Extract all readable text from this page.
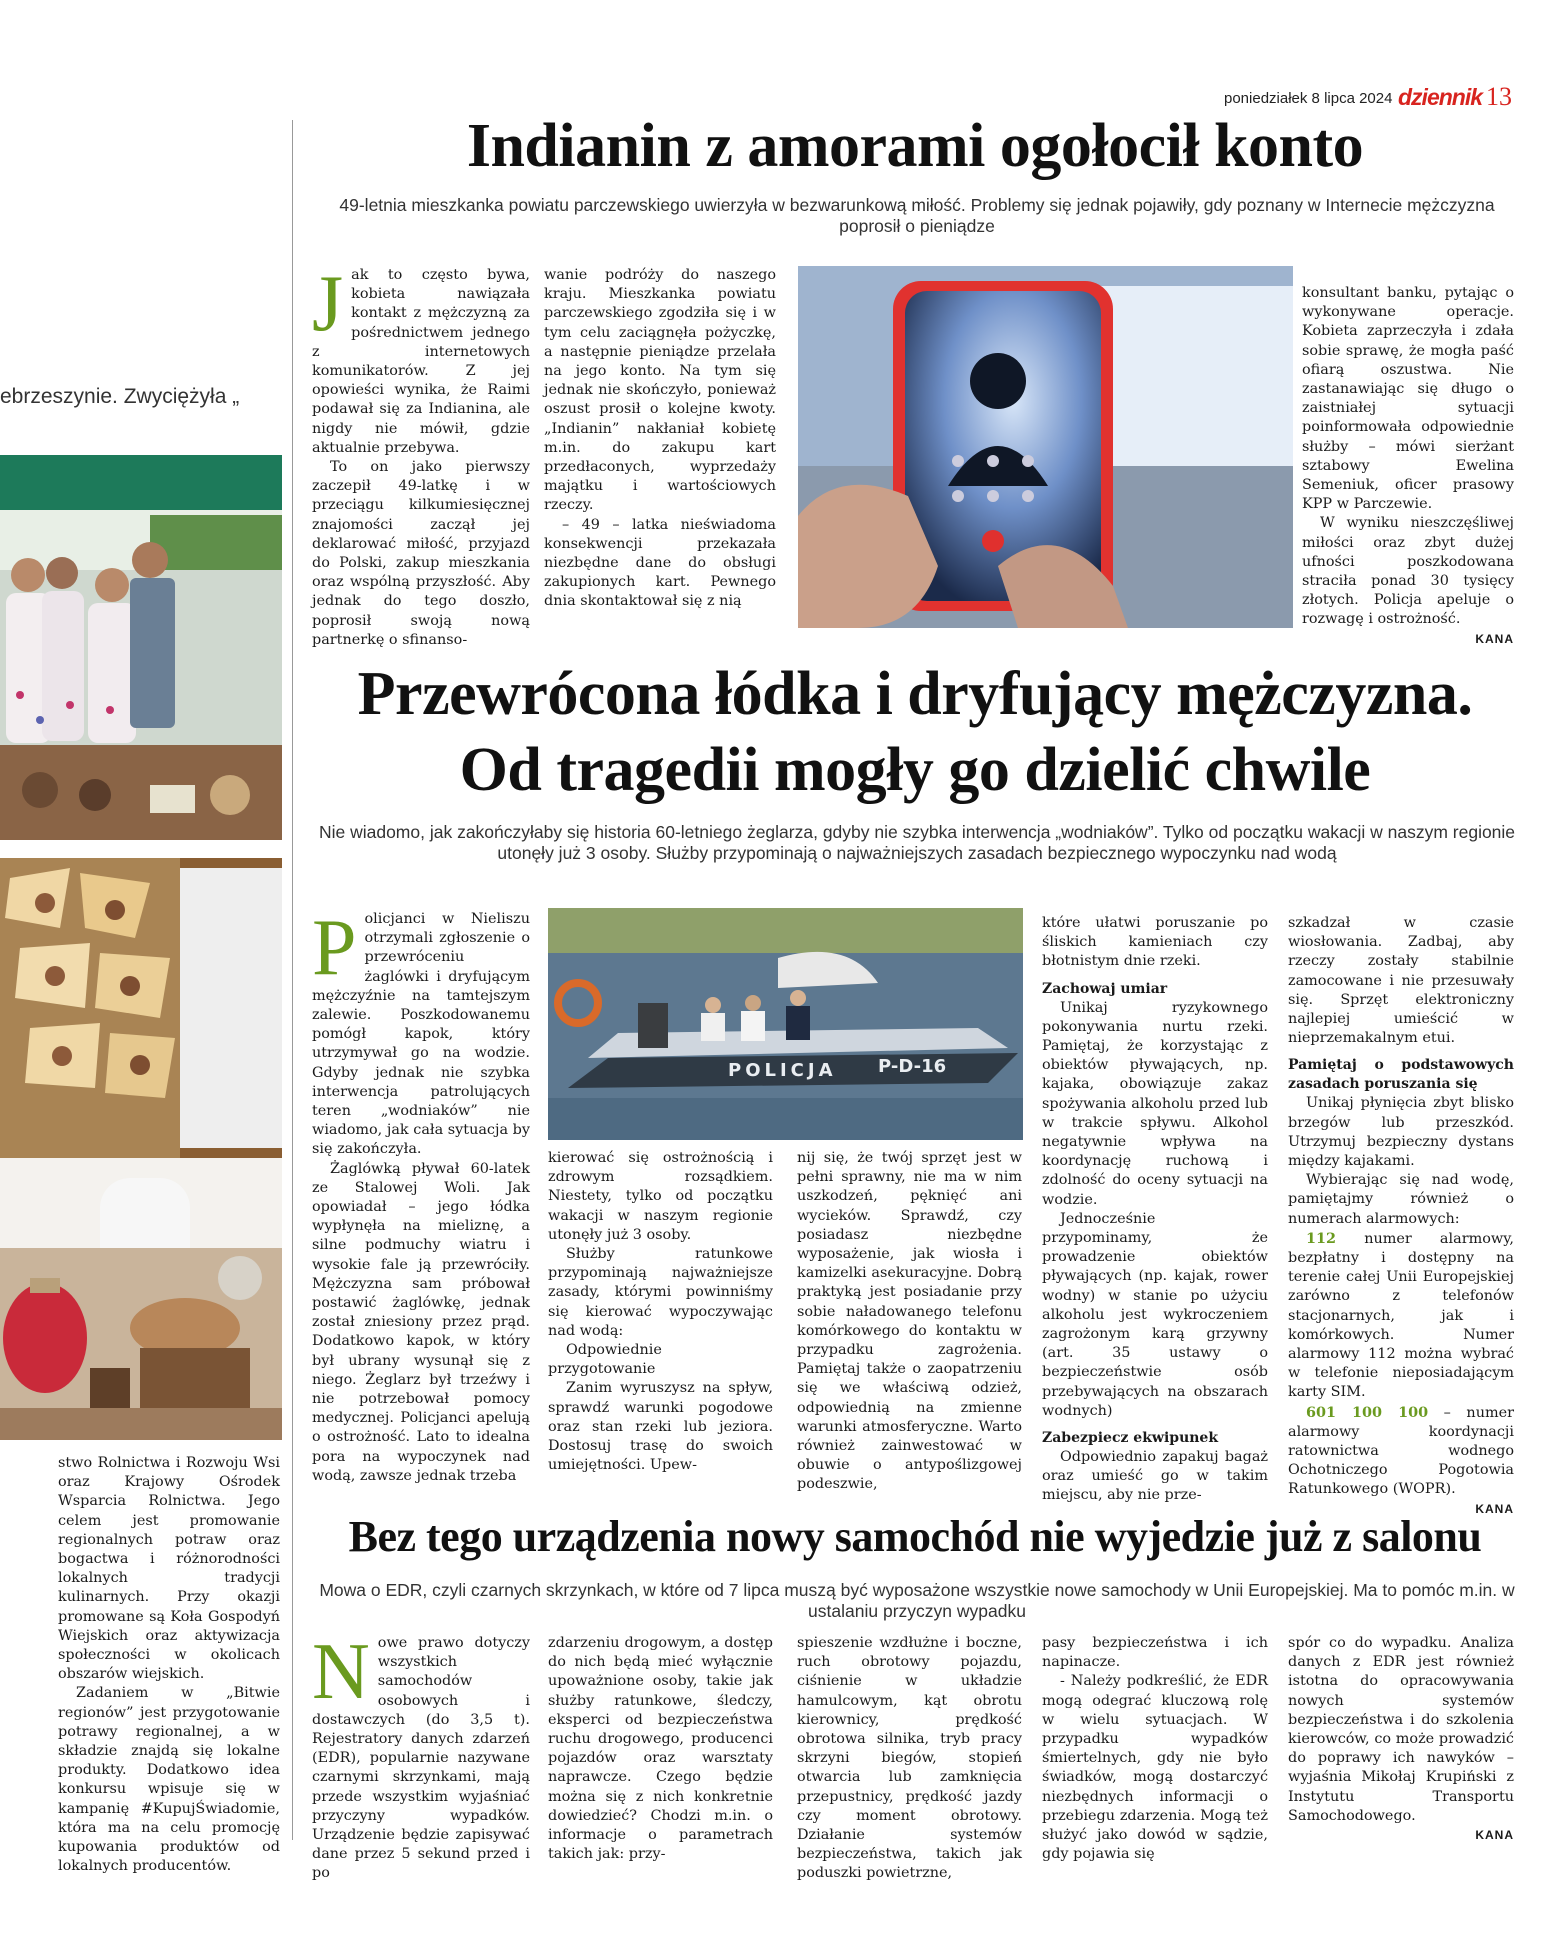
poniedziałek 8 lipca 2024 dziennik 13
ebrzeszynie. Zwyciężyła „

stwo Rolnictwa i Rozwoju Wsi oraz Krajowy Ośrodek Wsparcia Rolnictwa. Jego celem jest promowanie regionalnych potraw oraz bogactwa i różnorodności lokalnych tradycji kulinarnych. Przy okazji promowane są Koła Gospodyń Wiejskich oraz aktywizacja społeczności w okolicach obszarów wiejskich.

Zadaniem w „Bitwie regionów” jest przygotowanie potrawy regionalnej, a w składzie znajdą się lokalne produkty. Dodatkowo idea konkursu wpisuje się w kampanię #KupujŚwiadomie, która ma na celu promocję kupowania produktów od lokalnych producentów.

Indianin z amorami ogołocił konto
49-letnia mieszkanka powiatu parczewskiego uwierzyła w bezwarunkową miłość. Problemy się jednak pojawiły, gdy poznany w Internecie mężczyzna poprosił o pieniądze
J ak to często bywa, kobieta nawiązała kontakt z mężczyzną za pośrednictwem jednego z internetowych komunikatorów. Z jej opowieści wynika, że Raimi podawał się za Indianina, ale nigdy nie mówił, gdzie aktualnie przebywa.

To on jako pierwszy zaczepił 49-latkę i w przeciągu kilkumiesięcznej znajomości zaczął jej deklarować miłość, przyjazd do Polski, zakup mieszkania oraz wspólną przyszłość. Aby jednak do tego doszło, poprosił swoją nową partnerkę o sfinanso-

wanie podróży do naszego kraju. Mieszkanka powiatu parczewskiego zgodziła się i w tym celu zaciągnęła pożyczkę, a następnie pieniądze przelała na jego konto. Na tym się jednak nie skończyło, ponieważ oszust prosił o kolejne kwoty. „Indianin” nakłaniał kobietę m.in. do zakupu kart przedłaconych, wyprzedaży majątku i wartościowych rzeczy.

– 49 – latka nieświadoma konsekwencji przekazała niezbędne dane do obsługi zakupionych kart. Pewnego dnia skontaktował się z nią

konsultant banku, pytając o wykonywane operacje. Kobieta zaprzeczyła i zdała sobie sprawę, że mogła paść ofiarą oszustwa. Nie zastanawiając się długo o zaistniałej sytuacji poinformowała odpowiednie służby – mówi sierżant sztabowy Ewelina Semeniuk, oficer prasowy KPP w Parczewie.

W wyniku nieszczęśliwej miłości oraz zbyt dużej ufności poszkodowana straciła ponad 30 tysięcy złotych. Policja apeluje o rozwagę i ostrożność.

KANA

Przewrócona łódka i dryfujący mężczyzna.
Od tragedii mogły go dzielić chwile
Nie wiadomo, jak zakończyłaby się historia 60-letniego żeglarza, gdyby nie szybka interwencja „wodniaków”. Tylko od początku wakacji w naszym regionie utonęły już 3 osoby. Służby przypominają o najważniejszych zasadach bezpiecznego wypoczynku nad wodą
P olicjanci w Nieliszu otrzymali zgłoszenie o przewróceniu żaglówki i dryfującym mężczyźnie na tamtejszym zalewie. Poszkodowanemu pomógł kapok, który utrzymywał go na wodzie. Gdyby jednak nie szybka interwencja patrolujących teren „wodniaków” nie wiadomo, jak cała sytuacja by się zakończyła.

Żaglówką pływał 60-latek ze Stalowej Woli. Jak opowiadał – jego łódka wypłynęła na mieliznę, a silne podmuchy wiatru i wysokie fale ją przewróciły. Mężczyzna sam próbował postawić żaglówkę, jednak został zniesiony przez prąd. Dodatkowo kapok, w który był ubrany wysunął się z niego. Żeglarz był trzeźwy i nie potrzebował pomocy medycznej. Policjanci apelują o ostrożność. Lato to idealna pora na wypoczynek nad wodą, zawsze jednak trzeba

POLICJA P-D-16

kierować się ostrożnością i zdrowym rozsądkiem. Niestety, tylko od początku wakacji w naszym regionie utonęły już 3 osoby.

Służby ratunkowe przypominają najważniejsze zasady, którymi powinniśmy się kierować wypoczywając nad wodą:

Odpowiednie przygotowanie

Zanim wyruszysz na spływ, sprawdź warunki pogodowe oraz stan rzeki lub jeziora. Dostosuj trasę do swoich umiejętności. Upew-

nij się, że twój sprzęt jest w pełni sprawny, nie ma w nim uszkodzeń, pęknięć ani wycieków. Sprawdź, czy posiadasz niezbędne wyposażenie, jak wiosła i kamizelki asekuracyjne. Dobrą praktyką jest posiadanie przy sobie naładowanego telefonu komórkowego do kontaktu w przypadku zagrożenia. Pamiętaj także o zaopatrzeniu się we właściwą odzież, odpowiednią na zmienne warunki atmosferyczne. Warto również zainwestować w obuwie o antypoślizgowej podeszwie,

które ułatwi poruszanie po śliskich kamieniach czy błotnistym dnie rzeki.

Zachowaj umiar

Unikaj ryzykownego pokonywania nurtu rzeki. Pamiętaj, że korzystając z obiektów pływających, np. kajaka, obowiązuje zakaz spożywania alkoholu przed lub w trakcie spływu. Alkohol negatywnie wpływa na koordynację ruchową i zdolność do oceny sytuacji na wodzie.

Jednocześnie przypominamy, że prowadzenie obiektów pływających (np. kajak, rower wodny) w stanie po użyciu alkoholu jest wykroczeniem zagrożonym karą grzywny (art. 35 ustawy o bezpieczeństwie osób przebywających na obszarach wodnych)

Zabezpiecz ekwipunek

Odpowiednio zapakuj bagaż oraz umieść go w takim miejscu, aby nie prze-

szkadzał w czasie wiosłowania. Zadbaj, aby rzeczy zostały stabilnie zamocowane i nie przesuwały się. Sprzęt elektroniczny najlepiej umieścić w nieprzemakalnym etui.

Pamiętaj o podstawowych zasadach poruszania się

Unikaj płynięcia zbyt blisko brzegów lub przeszkód. Utrzymuj bezpieczny dystans między kajakami.

Wybierając się nad wodę, pamiętajmy również o numerach alarmowych:

112 numer alarmowy, bezpłatny i dostępny na terenie całej Unii Europejskiej zarówno z telefonów stacjonarnych, jak i komórkowych. Numer alarmowy 112 można wybrać w telefonie nieposiadającym karty SIM.

601 100 100 – numer alarmowy koordynacji ratownictwa wodnego Ochotniczego Pogotowia Ratunkowego (WOPR).

KANA

Bez tego urządzenia nowy samochód nie wyjedzie już z salonu
Mowa o EDR, czyli czarnych skrzynkach, w które od 7 lipca muszą być wyposażone wszystkie nowe samochody w Unii Europejskiej. Ma to pomóc m.in. w ustalaniu przyczyn wypadku
N owe prawo dotyczy wszystkich samochodów osobowych i dostawczych (do 3,5 t). Rejestratory danych zdarzeń (EDR), popularnie nazywane czarnymi skrzynkami, mają przede wszystkim wyjaśniać przyczyny wypadków. Urządzenie będzie zapisywać dane przez 5 sekund przed i po

zdarzeniu drogowym, a dostęp do nich będą mieć wyłącznie upoważnione osoby, takie jak służby ratunkowe, śledczy, eksperci od bezpieczeństwa ruchu drogowego, producenci pojazdów oraz warsztaty naprawcze. Czego będzie można się z nich konkretnie dowiedzieć? Chodzi m.in. o informacje o parametrach takich jak: przy-

spieszenie wzdłużne i boczne, ruch obrotowy pojazdu, ciśnienie w układzie hamulcowym, kąt obrotu kierownicy, prędkość obrotowa silnika, tryb pracy skrzyni biegów, stopień otwarcia lub zamknięcia przepustnicy, prędkość jazdy czy moment obrotowy. Działanie systemów bezpieczeństwa, takich jak poduszki powietrzne,

pasy bezpieczeństwa i ich napinacze.

- Należy podkreślić, że EDR mogą odegrać kluczową rolę w wielu sytuacjach. W przypadku wypadków śmiertelnych, gdy nie było świadków, mogą dostarczyć niezbędnych informacji o przebiegu zdarzenia. Mogą też służyć jako dowód w sądzie, gdy pojawia się

spór co do wypadku. Analiza danych z EDR jest również istotna do opracowywania nowych systemów bezpieczeństwa i do szkolenia kierowców, co może prowadzić do poprawy ich nawyków – wyjaśnia Mikołaj Krupiński z Instytutu Transportu Samochodowego.

KANA
